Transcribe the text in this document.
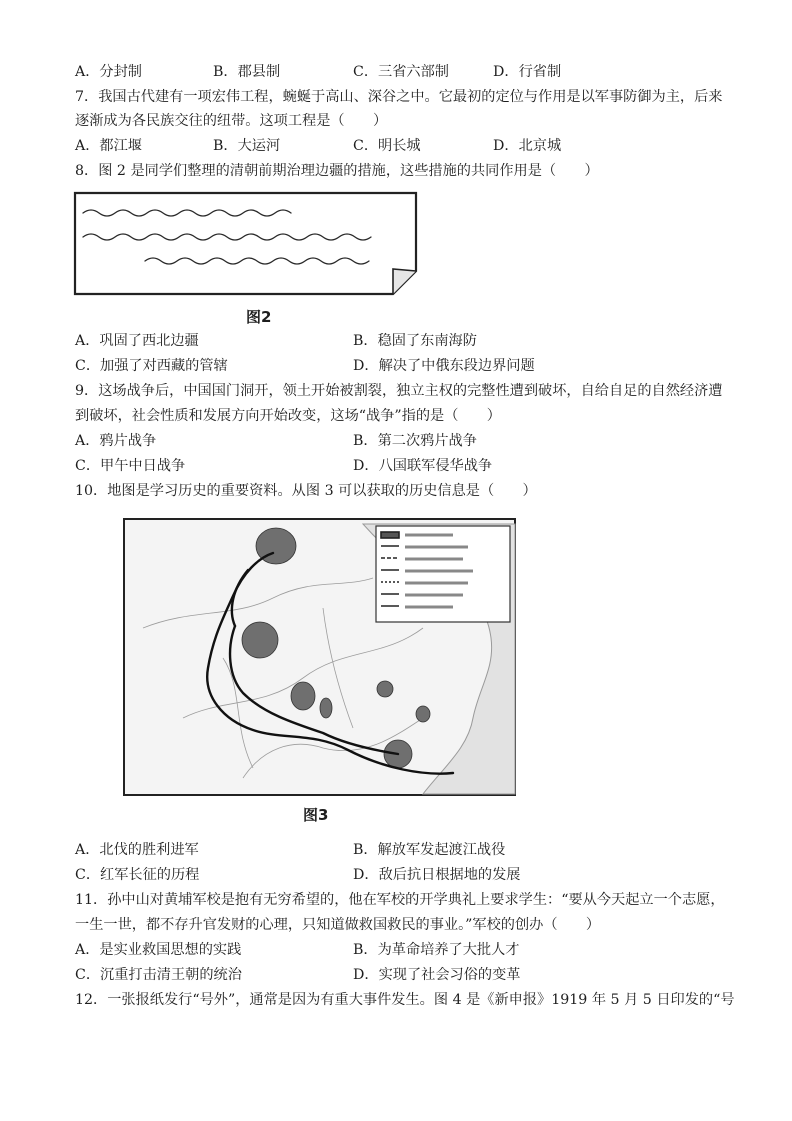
A．分封制	B．郡县制	C．三省六部制	D．行省制
7．我国古代建有一项宏伟工程，蜿蜒于高山、深谷之中。它最初的定位与作用是以军事防御为主，后来
逐渐成为各民族交往的纽带。这项工程是（　　）
A．都江堰	B．大运河	C．明长城	D．北京城
8．图 2 是同学们整理的清朝前期治理边疆的措施，这些措施的共同作用是（　　）
图2
A．巩固了西北边疆	B．稳固了东南海防
C．加强了对西藏的管辖	D．解决了中俄东段边界问题
9．这场战争后，中国国门洞开，领土开始被割裂，独立主权的完整性遭到破坏，自给自足的自然经济遭
到破坏，社会性质和发展方向开始改变，这场“战争”指的是（　　）
A．鸦片战争	B．第二次鸦片战争
C．甲午中日战争	D．八国联军侵华战争
10．地图是学习历史的重要资料。从图 3 可以获取的历史信息是（　　）
图3
A．北伐的胜利进军	B．解放军发起渡江战役
C．红军长征的历程	D．敌后抗日根据地的发展
11．孙中山对黄埔军校是抱有无穷希望的，他在军校的开学典礼上要求学生：“要从今天起立一个志愿，
一生一世，都不存升官发财的心理，只知道做救国救民的事业。”军校的创办（　　）
A．是实业救国思想的实践	B．为革命培养了大批人才
C．沉重打击清王朝的统治	D．实现了社会习俗的变革
12．一张报纸发行“号外”，通常是因为有重大事件发生。图 4 是《新申报》1919 年 5 月 5 日印发的“号
